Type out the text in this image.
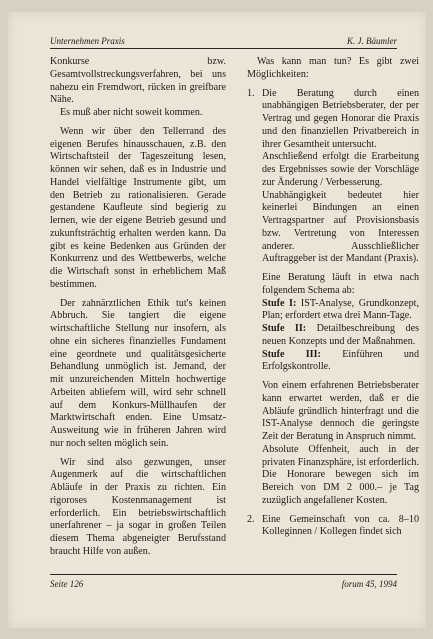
Unternehmen Praxis	K. J. Bäumler

Konkurse bzw. Gesamtvollstreckungsverfahren, bei uns nahezu ein Fremdwort, rücken in greifbare Nähe.

Es muß aber nicht soweit kommen.

Wenn wir über den Tellerrand des eigenen Berufes hinausschauen, z.B. den Wirtschaftsteil der Tageszeitung lesen, können wir sehen, daß es in Industrie und Handel vielfältige Instrumente gibt, um den Betrieb zu rationalisieren. Gerade gestandene Kaufleute sind begierig zu lernen, wie der eigene Betrieb gesund und zukunftsträchtig erhalten werden kann. Da gibt es keine Bedenken aus Gründen der Konkurrenz und des Wettbewerbs, welche die Wirtschaft sonst in erheblichem Maß bestimmen.

Der zahnärztlichen Ethik tut's keinen Abbruch. Sie tangiert die eigene wirtschaftliche Stellung nur insofern, als ohne ein sicheres finanzielles Fundament eine geordnete und qualitätsgesicherte Behandlung unmöglich ist. Jemand, der mit unzureichenden Mitteln hochwertige Arbeiten abliefern will, wird sehr schnell auf dem Konkurs-Müllhaufen der Marktwirtschaft enden. Eine Umsatz-Ausweitung wie in früheren Jahren wird nur noch selten möglich sein.

Wir sind also gezwungen, unser Augenmerk auf die wirtschaftlichen Abläufe in der Praxis zu richten. Ein rigoroses Kostenmanagement ist erforderlich. Ein betriebswirtschaftlich unerfahrener – ja sogar in großen Teilen diesem Thema abgeneigter Berufsstand braucht Hilfe von außen.

Was kann man tun? Es gibt zwei Möglichkeiten:

1. Die Beratung durch einen unabhängigen Betriebsberater, der per Vertrag und gegen Honorar die Praxis und den finanziellen Privatbereich in ihrer Gesamtheit untersucht.

Anschließend erfolgt die Erarbeitung des Ergebnisses sowie der Vorschläge zur Änderung / Verbesserung.

Unabhängigkeit bedeutet hier keinerlei Bindungen an einen Vertragspartner auf Provisionsbasis bzw. Vertretung von Interessen anderer. Ausschließlicher Auftraggeber ist der Mandant (Praxis).

Eine Beratung läuft in etwa nach folgendem Schema ab:

Stufe I: IST-Analyse, Grundkonzept, Plan; erfordert etwa drei Mann-Tage.

Stufe II: Detailbeschreibung des neuen Konzepts und der Maßnahmen.

Stufe III: Einführen und Erfolgskontrolle.

Von einem erfahrenen Betriebsberater kann erwartet werden, daß er die Abläufe gründlich hinterfragt und die IST-Analyse dennoch die geringste Zeit der Beratung in Anspruch nimmt.

Absolute Offenheit, auch in der privaten Finanzsphäre, ist erforderlich. Die Honorare bewegen sich im Bereich von DM 2 000.– je Tag zuzüglich angefallener Kosten.

2. Eine Gemeinschaft von ca. 8–10 Kolleginnen / Kollegen findet sich

Seite 126	forum 45, 1994
